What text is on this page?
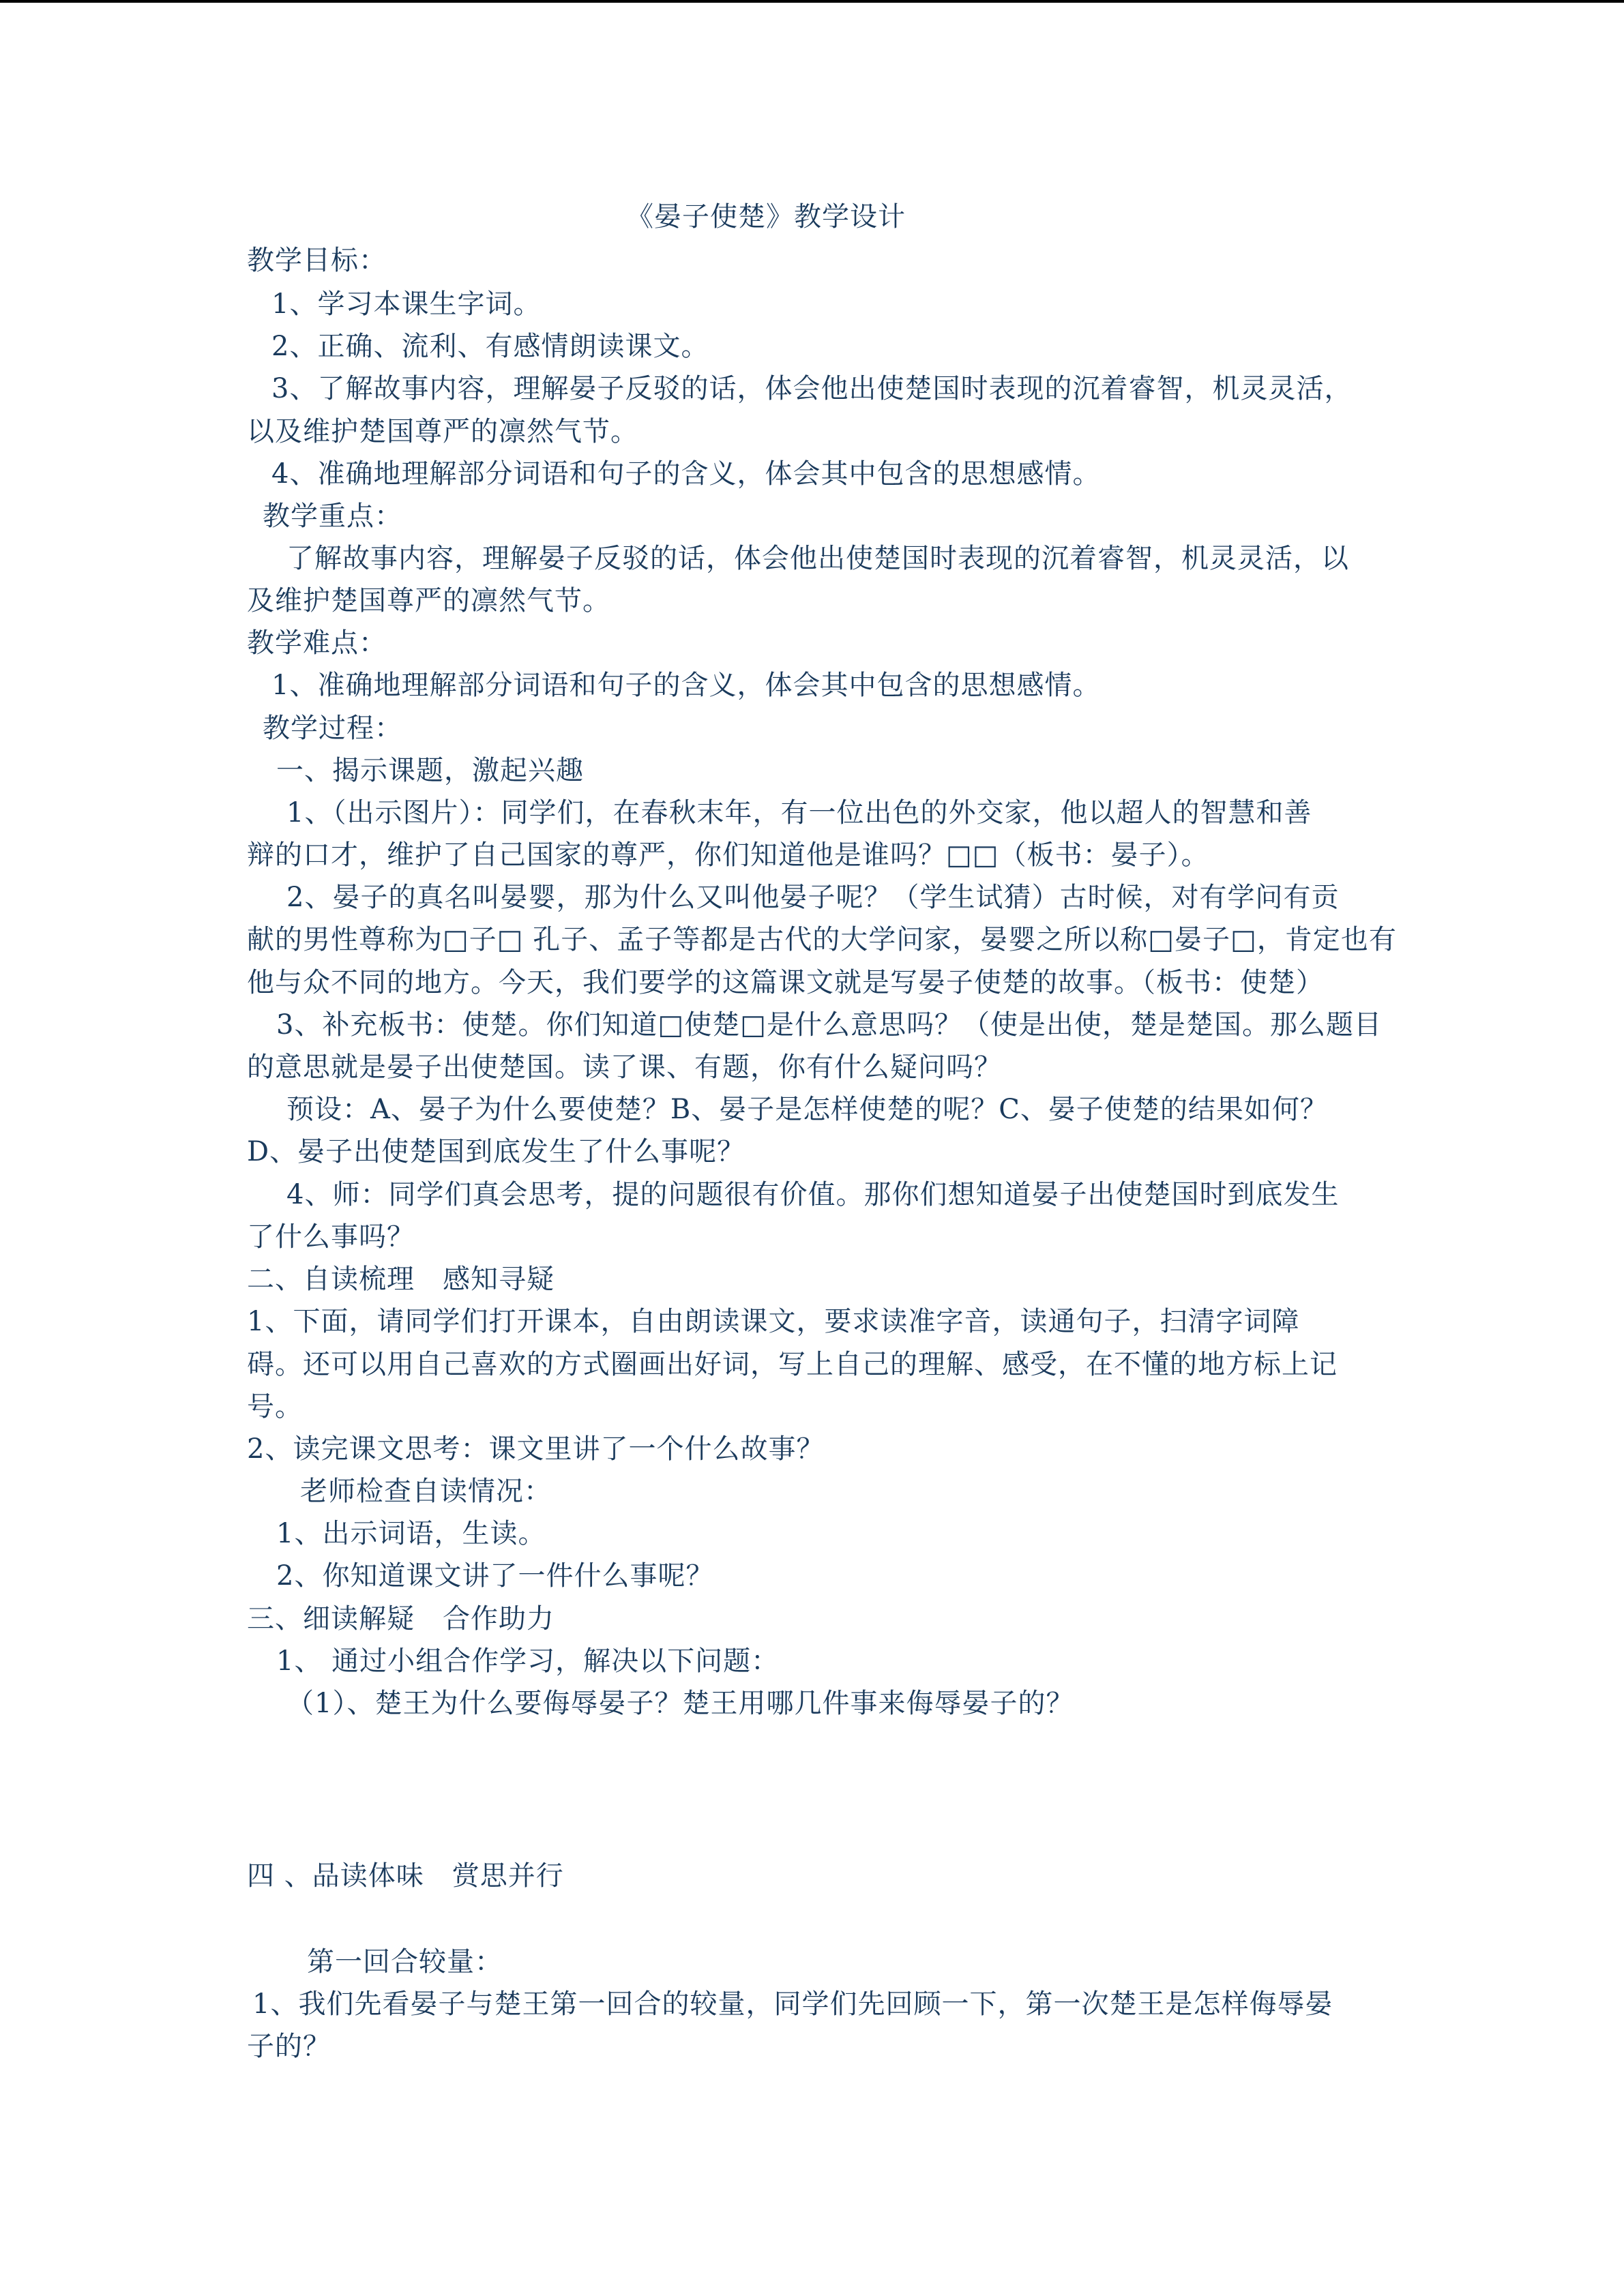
《晏子使楚》教学设计
教学目标：
1、学习本课生字词。
2、正确、流利、有感情朗读课文。
3、了解故事内容，理解晏子反驳的话，体会他出使楚国时表现的沉着睿智，机灵灵活，
以及维护楚国尊严的凛然气节。
4、准确地理解部分词语和句子的含义，体会其中包含的思想感情。
教学重点：
了解故事内容，理解晏子反驳的话，体会他出使楚国时表现的沉着睿智，机灵灵活，以
及维护楚国尊严的凛然气节。
教学难点：
1、准确地理解部分词语和句子的含义，体会其中包含的思想感情。
教学过程：
一、揭示课题，激起兴趣
1、（出示图片）：同学们，在春秋末年，有一位出色的外交家，他以超人的智慧和善
辩的口才，维护了自己国家的尊严，你们知道他是谁吗？□□（板书：晏子）。
2、晏子的真名叫晏婴，那为什么又叫他晏子呢？（学生试猜）古时候，对有学问有贡
献的男性尊称为□子□ 孔子、孟子等都是古代的大学问家，晏婴之所以称□晏子□，肯定也有
他与众不同的地方。今天，我们要学的这篇课文就是写晏子使楚的故事。（板书：使楚）
3、补充板书：使楚。你们知道□使楚□是什么意思吗？（使是出使，楚是楚国。那么题目
的意思就是晏子出使楚国。读了课、有题，你有什么疑问吗？
预设：A、晏子为什么要使楚？B、晏子是怎样使楚的呢？C、晏子使楚的结果如何？
D、晏子出使楚国到底发生了什么事呢？
4、师：同学们真会思考，提的问题很有价值。那你们想知道晏子出使楚国时到底发生
了什么事吗？
二、自读梳理　感知寻疑
1、下面，请同学们打开课本，自由朗读课文，要求读准字音，读通句子，扫清字词障
碍。还可以用自己喜欢的方式圈画出好词，写上自己的理解、感受，在不懂的地方标上记
号。
2、读完课文思考：课文里讲了一个什么故事？
老师检查自读情况：
1、出示词语，生读。
2、你知道课文讲了一件什么事呢？
三、细读解疑　合作助力
1、 通过小组合作学习，解决以下问题：
（1）、楚王为什么要侮辱晏子？楚王用哪几件事来侮辱晏子的？
四 、品读体味　赏思并行
第一回合较量：
1、我们先看晏子与楚王第一回合的较量，同学们先回顾一下，第一次楚王是怎样侮辱晏
子的？
